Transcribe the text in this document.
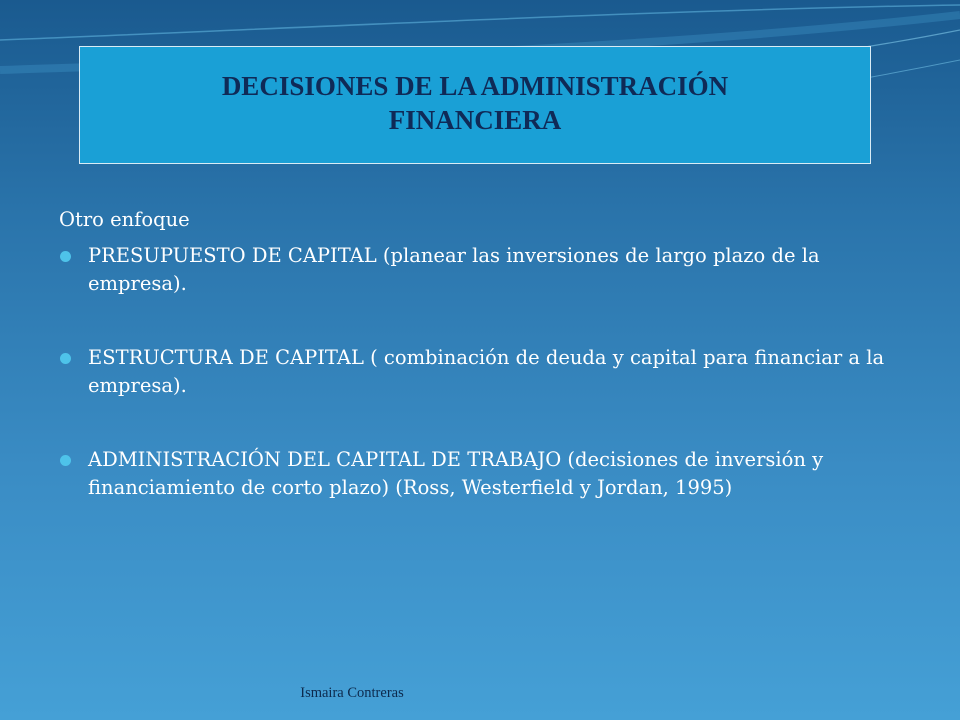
DECISIONES DE LA ADMINISTRACIÓN FINANCIERA

Otro enfoque

PRESUPUESTO DE CAPITAL (planear las inversiones de largo plazo de la empresa).
ESTRUCTURA DE CAPITAL ( combinación de deuda y capital para financiar a la empresa).
ADMINISTRACIÓN DEL CAPITAL DE TRABAJO (decisiones de inversión y financiamiento de corto plazo) (Ross, Westerfield y Jordan, 1995)
Ismaira Contreras
